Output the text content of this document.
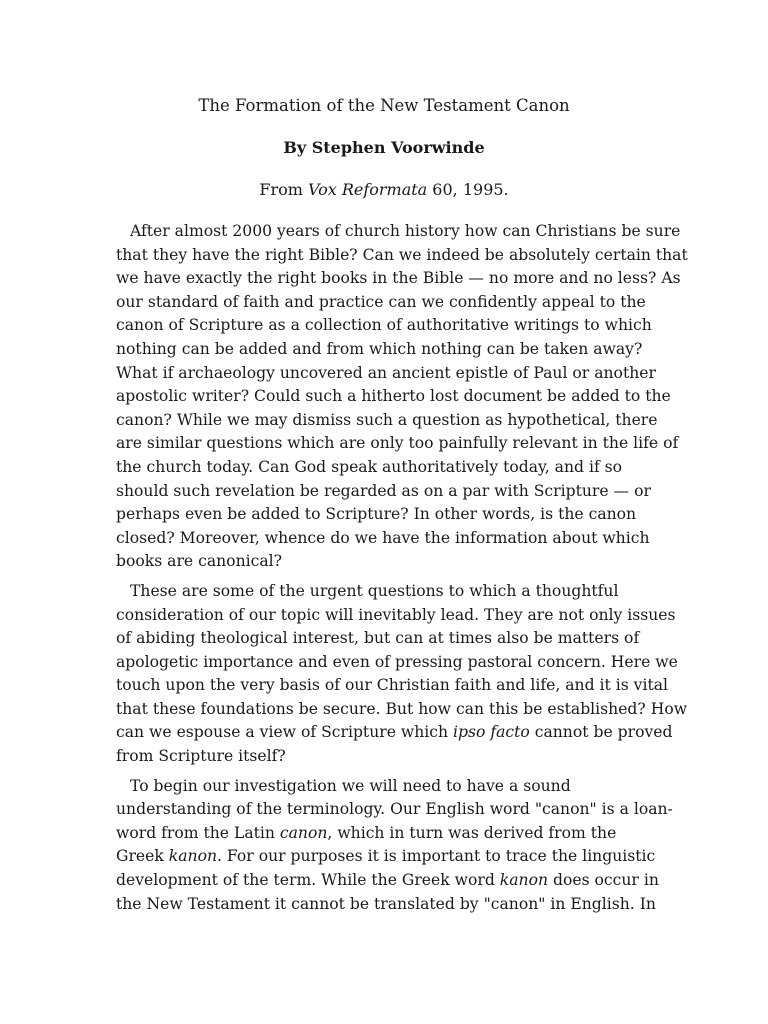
The Formation of the New Testament Canon

By Stephen Voorwinde

From Vox Reformata 60, 1995.

After almost 2000 years of church history how can Christians be sure
that they have the right Bible? Can we indeed be absolutely certain that
we have exactly the right books in the Bible — no more and no less? As
our standard of faith and practice can we confidently appeal to the
canon of Scripture as a collection of authoritative writings to which
nothing can be added and from which nothing can be taken away?
What if archaeology uncovered an ancient epistle of Paul or another
apostolic writer? Could such a hitherto lost document be added to the
canon? While we may dismiss such a question as hypothetical, there
are similar questions which are only too painfully relevant in the life of
the church today. Can God speak authoritatively today, and if so
should such revelation be regarded as on a par with Scripture — or
perhaps even be added to Scripture? In other words, is the canon
closed? Moreover, whence do we have the information about which
books are canonical?

These are some of the urgent questions to which a thoughtful
consideration of our topic will inevitably lead. They are not only issues
of abiding theological interest, but can at times also be matters of
apologetic importance and even of pressing pastoral concern. Here we
touch upon the very basis of our Christian faith and life, and it is vital
that these foundations be secure. But how can this be established? How
can we espouse a view of Scripture which ipso facto cannot be proved
from Scripture itself?

To begin our investigation we will need to have a sound
understanding of the terminology. Our English word "canon" is a loan-
word from the Latin canon, which in turn was derived from the
Greek kanon. For our purposes it is important to trace the linguistic
development of the term. While the Greek word kanon does occur in
the New Testament it cannot be translated by "canon" in English. In
